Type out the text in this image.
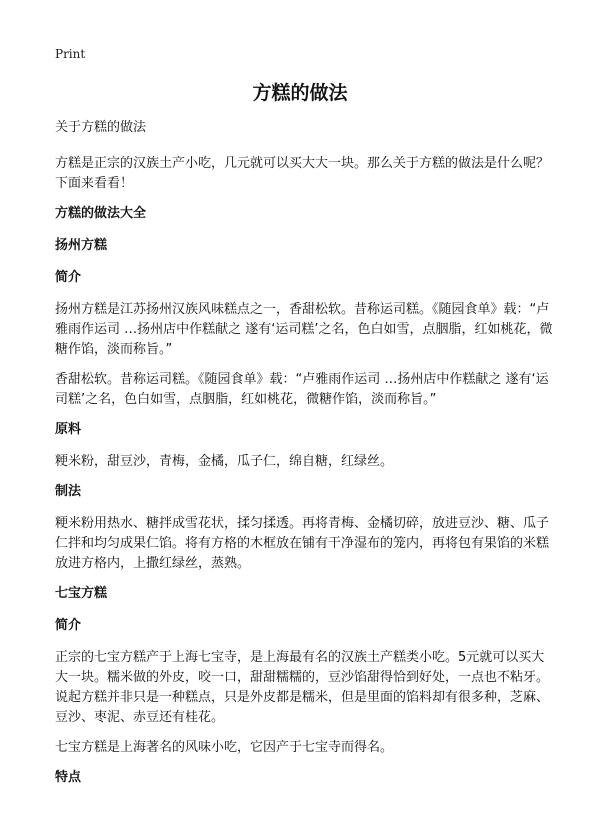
Print
方糕的做法

关于方糕的做法

方糕是正宗的汉族土产小吃，几元就可以买大大一块。那么关于方糕的做法是什么呢？下面来看看！

方糕的做法大全
扬州方糕
简介

扬州方糕是江苏扬州汉族风味糕点之一，香甜松软。昔称运司糕。《随园食单》载：“卢雅雨作运司 …扬州店中作糕献之 遂有‘运司糕’之名，色白如雪，点胭脂，红如桃花，微糖作馅，淡而称旨。”

香甜松软。昔称运司糕。《随园食单》载：“卢雅雨作运司 …扬州店中作糕献之 遂有‘运司糕’之名，色白如雪，点胭脂，红如桃花，微糖作馅，淡而称旨。”

原料

粳米粉，甜豆沙，青梅，金橘，瓜子仁，绵自糖，红绿丝。

制法

粳米粉用热水、糖拌成雪花状，揉匀揉透。再将青梅、金橘切碎，放进豆沙、糖、瓜子仁拌和均匀成果仁馅。将有方格的木框放在铺有干净湿布的笼内，再将包有果馅的米糕放进方格内，上撒红绿丝，蒸熟。

七宝方糕
简介

正宗的七宝方糕产于上海七宝寺，是上海最有名的汉族土产糕类小吃。5元就可以买大大一块。糯米做的外皮，咬一口，甜甜糯糯的，豆沙馅甜得恰到好处，一点也不粘牙。说起方糕并非只是一种糕点，只是外皮都是糯米，但是里面的馅料却有很多种，芝麻、豆沙、枣泥、赤豆还有桂花。

七宝方糕是上海著名的风味小吃，它因产于七宝寺而得名。

特点
